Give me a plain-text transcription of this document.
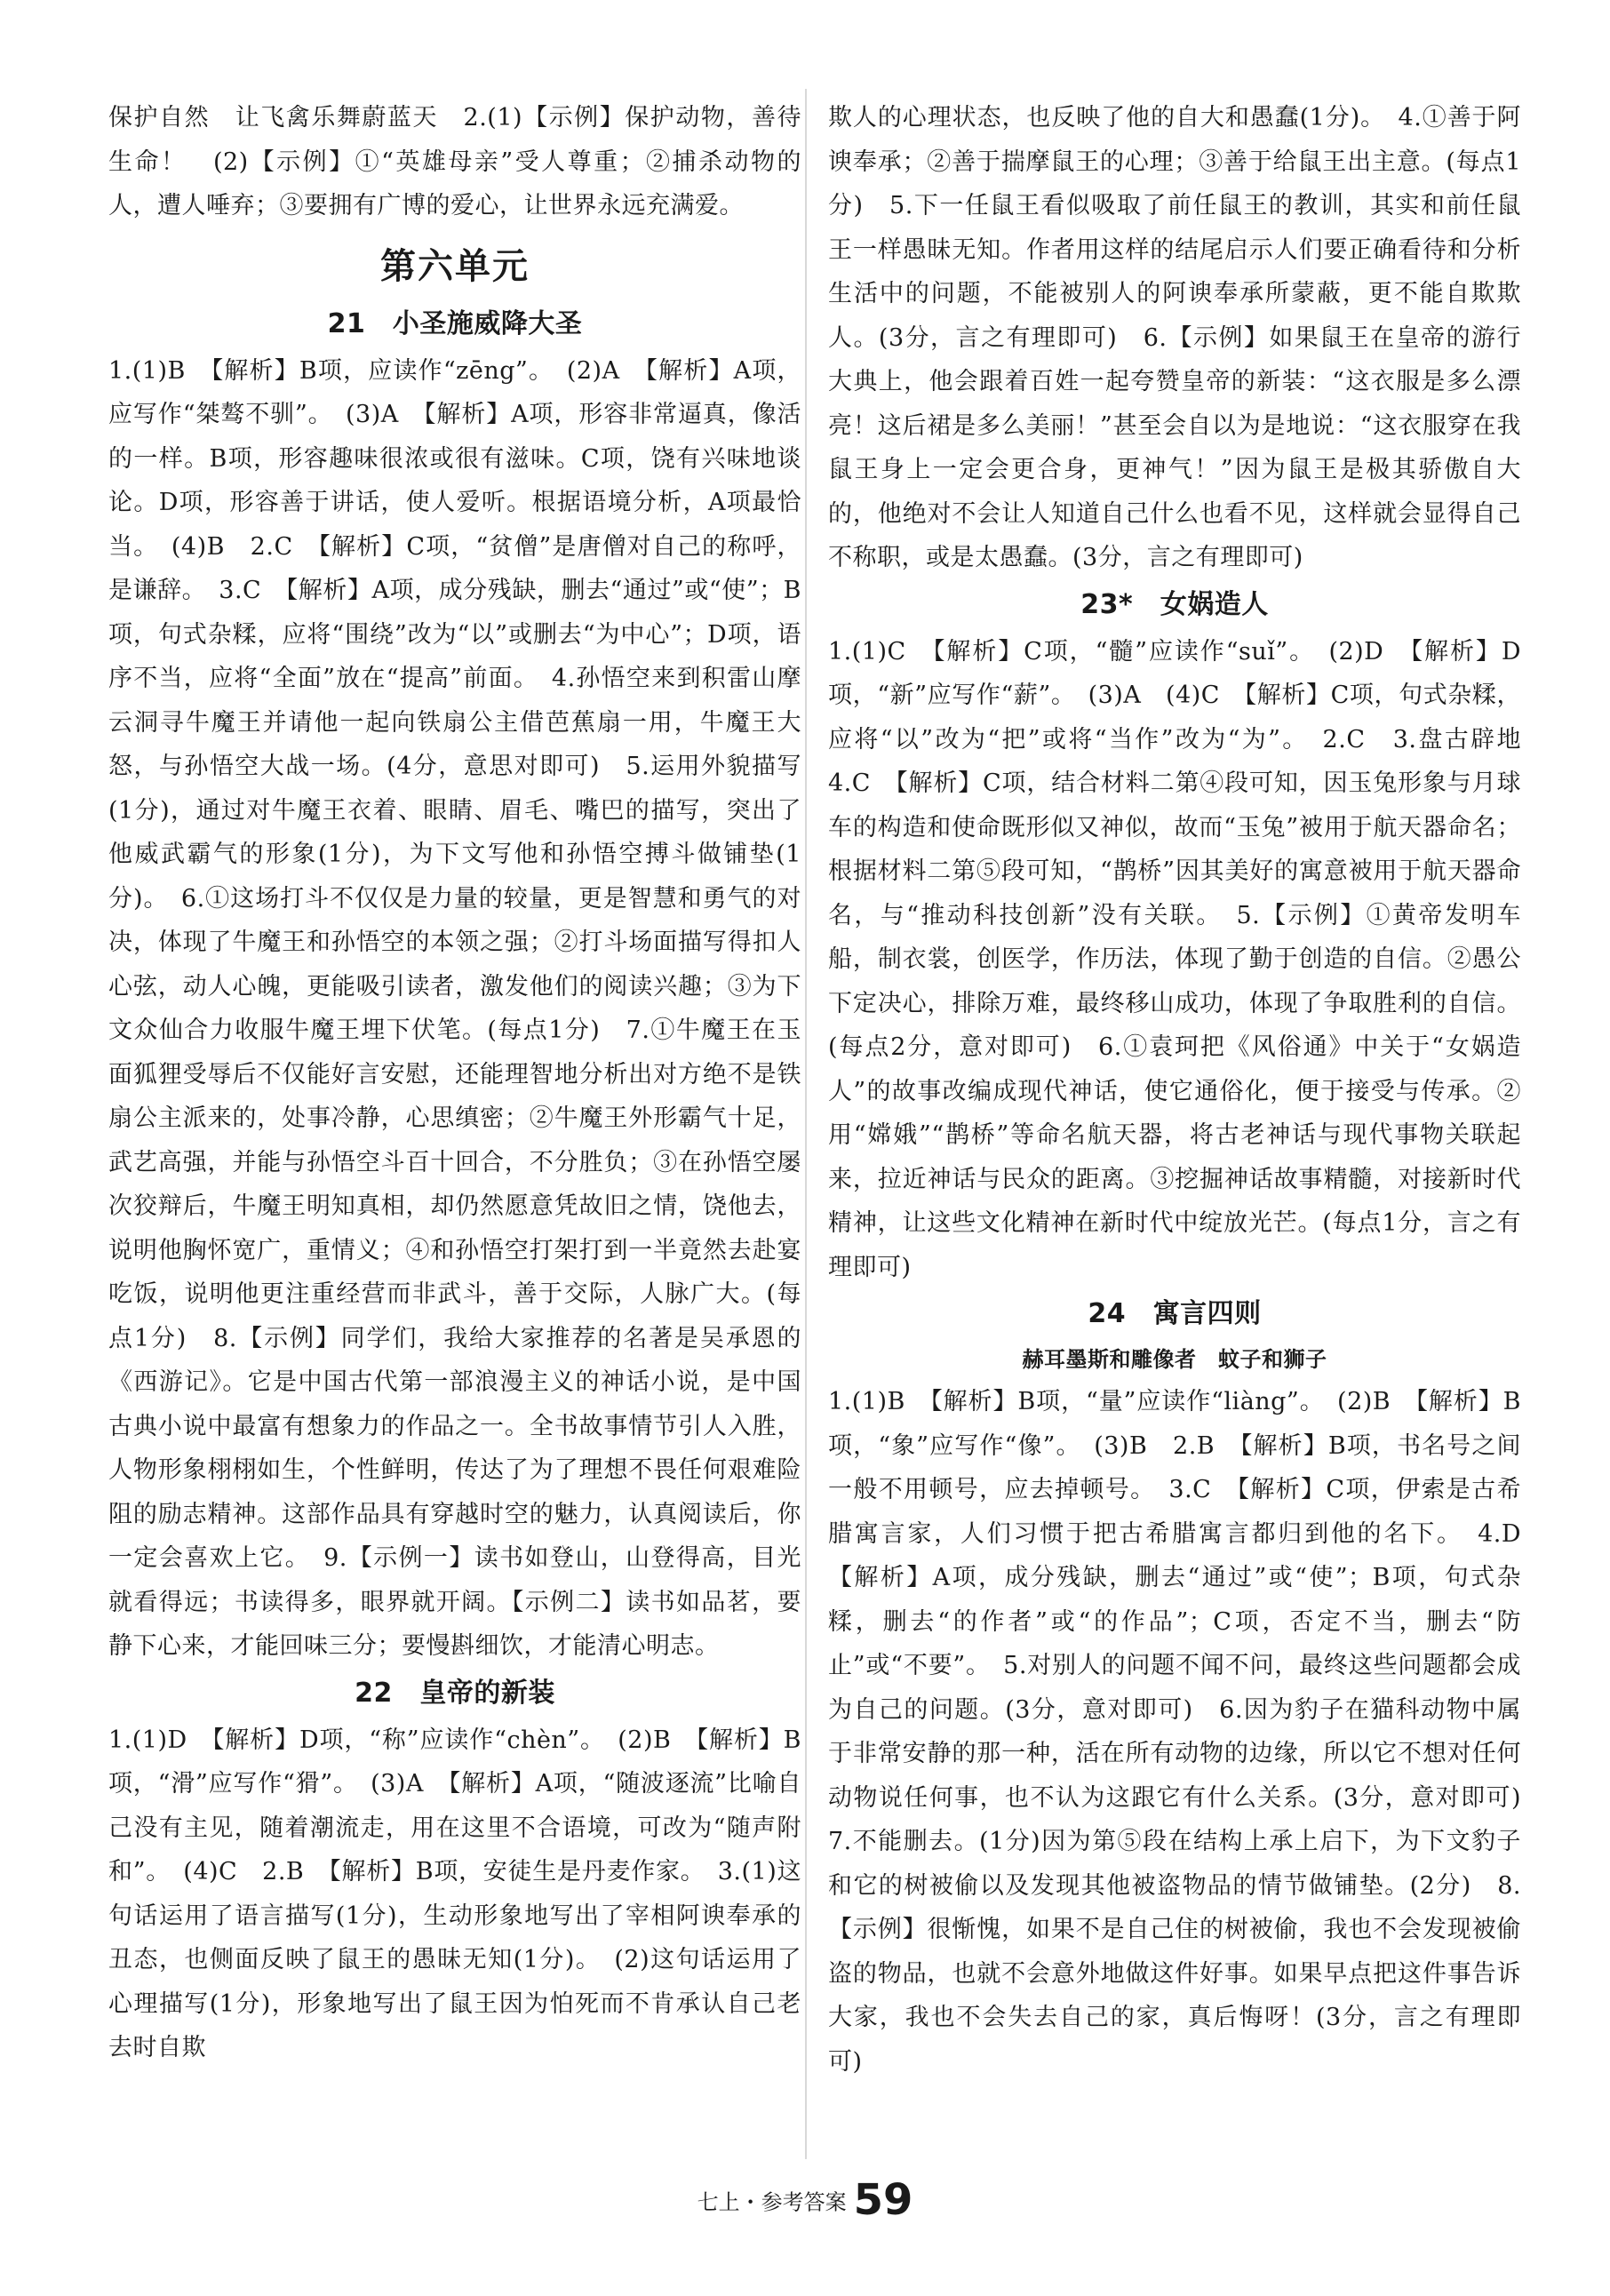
保护自然　让飞禽乐舞蔚蓝天　2.(1)【示例】保护动物，善待生命！　(2)【示例】①“英雄母亲”受人尊重；②捕杀动物的人，遭人唾弃；③要拥有广博的爱心，让世界永远充满爱。

第六单元
21　小圣施威降大圣

1.(1)B　【解析】B项，应读作“zēng”。　(2)A　【解析】A项，应写作“桀骜不驯”。　(3)A　【解析】A项，形容非常逼真，像活的一样。B项，形容趣味很浓或很有滋味。C项，饶有兴味地谈论。D项，形容善于讲话，使人爱听。根据语境分析，A项最恰当。　(4)B　2.C　【解析】C项，“贫僧”是唐僧对自己的称呼，是谦辞。　3.C　【解析】A项，成分残缺，删去“通过”或“使”；B项，句式杂糅，应将“围绕”改为“以”或删去“为中心”；D项，语序不当，应将“全面”放在“提高”前面。　4.孙悟空来到积雷山摩云洞寻牛魔王并请他一起向铁扇公主借芭蕉扇一用，牛魔王大怒，与孙悟空大战一场。(4分，意思对即可)　5.运用外貌描写(1分)，通过对牛魔王衣着、眼睛、眉毛、嘴巴的描写，突出了他威武霸气的形象(1分)，为下文写他和孙悟空搏斗做铺垫(1分)。　6.①这场打斗不仅仅是力量的较量，更是智慧和勇气的对决，体现了牛魔王和孙悟空的本领之强；②打斗场面描写得扣人心弦，动人心魄，更能吸引读者，激发他们的阅读兴趣；③为下文众仙合力收服牛魔王埋下伏笔。(每点1分)　7.①牛魔王在玉面狐狸受辱后不仅能好言安慰，还能理智地分析出对方绝不是铁扇公主派来的，处事冷静，心思缜密；②牛魔王外形霸气十足，武艺高强，并能与孙悟空斗百十回合，不分胜负；③在孙悟空屡次狡辩后，牛魔王明知真相，却仍然愿意凭故旧之情，饶他去，说明他胸怀宽广，重情义；④和孙悟空打架打到一半竟然去赴宴吃饭，说明他更注重经营而非武斗，善于交际，人脉广大。(每点1分)　8.【示例】同学们，我给大家推荐的名著是吴承恩的《西游记》。它是中国古代第一部浪漫主义的神话小说，是中国古典小说中最富有想象力的作品之一。全书故事情节引人入胜，人物形象栩栩如生，个性鲜明，传达了为了理想不畏任何艰难险阻的励志精神。这部作品具有穿越时空的魅力，认真阅读后，你一定会喜欢上它。　9.【示例一】读书如登山，山登得高，目光就看得远；书读得多，眼界就开阔。【示例二】读书如品茗，要静下心来，才能回味三分；要慢斟细饮，才能清心明志。

22　皇帝的新装

1.(1)D　【解析】D项，“称”应读作“chèn”。　(2)B　【解析】B项，“滑”应写作“猾”。　(3)A　【解析】A项，“随波逐流”比喻自己没有主见，随着潮流走，用在这里不合语境，可改为“随声附和”。　(4)C　2.B　【解析】B项，安徒生是丹麦作家。　3.(1)这句话运用了语言描写(1分)，生动形象地写出了宰相阿谀奉承的丑态，也侧面反映了鼠王的愚昧无知(1分)。　(2)这句话运用了心理描写(1分)，形象地写出了鼠王因为怕死而不肯承认自己老去时自欺

欺人的心理状态，也反映了他的自大和愚蠢(1分)。　4.①善于阿谀奉承；②善于揣摩鼠王的心理；③善于给鼠王出主意。(每点1分)　5.下一任鼠王看似吸取了前任鼠王的教训，其实和前任鼠王一样愚昧无知。作者用这样的结尾启示人们要正确看待和分析生活中的问题，不能被别人的阿谀奉承所蒙蔽，更不能自欺欺人。(3分，言之有理即可)　6.【示例】如果鼠王在皇帝的游行大典上，他会跟着百姓一起夸赞皇帝的新装：“这衣服是多么漂亮！这后裙是多么美丽！”甚至会自以为是地说：“这衣服穿在我鼠王身上一定会更合身，更神气！”因为鼠王是极其骄傲自大的，他绝对不会让人知道自己什么也看不见，这样就会显得自己不称职，或是太愚蠢。(3分，言之有理即可)

23*　女娲造人

1.(1)C　【解析】C项，“髓”应读作“suǐ”。　(2)D　【解析】D项，“新”应写作“薪”。　(3)A　(4)C　【解析】C项，句式杂糅，应将“以”改为“把”或将“当作”改为“为”。　2.C　3.盘古辟地　4.C　【解析】C项，结合材料二第④段可知，因玉兔形象与月球车的构造和使命既形似又神似，故而“玉兔”被用于航天器命名；根据材料二第⑤段可知，“鹊桥”因其美好的寓意被用于航天器命名，与“推动科技创新”没有关联。　5.【示例】①黄帝发明车船，制衣裳，创医学，作历法，体现了勤于创造的自信。②愚公下定决心，排除万难，最终移山成功，体现了争取胜利的自信。(每点2分，意对即可)　6.①袁珂把《风俗通》中关于“女娲造人”的故事改编成现代神话，使它通俗化，便于接受与传承。②用“嫦娥”“鹊桥”等命名航天器，将古老神话与现代事物关联起来，拉近神话与民众的距离。③挖掘神话故事精髓，对接新时代精神，让这些文化精神在新时代中绽放光芒。(每点1分，言之有理即可)

24　寓言四则
赫耳墨斯和雕像者　蚊子和狮子

1.(1)B　【解析】B项，“量”应读作“liàng”。　(2)B　【解析】B项，“象”应写作“像”。　(3)B　2.B　【解析】B项，书名号之间一般不用顿号，应去掉顿号。　3.C　【解析】C项，伊索是古希腊寓言家，人们习惯于把古希腊寓言都归到他的名下。　4.D　【解析】A项，成分残缺，删去“通过”或“使”；B项，句式杂糅，删去“的作者”或“的作品”；C项，否定不当，删去“防止”或“不要”。　5.对别人的问题不闻不问，最终这些问题都会成为自己的问题。(3分，意对即可)　6.因为豹子在猫科动物中属于非常安静的那一种，活在所有动物的边缘，所以它不想对任何动物说任何事，也不认为这跟它有什么关系。(3分，意对即可)　7.不能删去。(1分)因为第⑤段在结构上承上启下，为下文豹子和它的树被偷以及发现其他被盗物品的情节做铺垫。(2分)　8.【示例】很惭愧，如果不是自己住的树被偷，我也不会发现被偷盗的物品，也就不会意外地做这件好事。如果早点把这件事告诉大家，我也不会失去自己的家，真后悔呀！(3分，言之有理即可)

七上・参考答案 59
